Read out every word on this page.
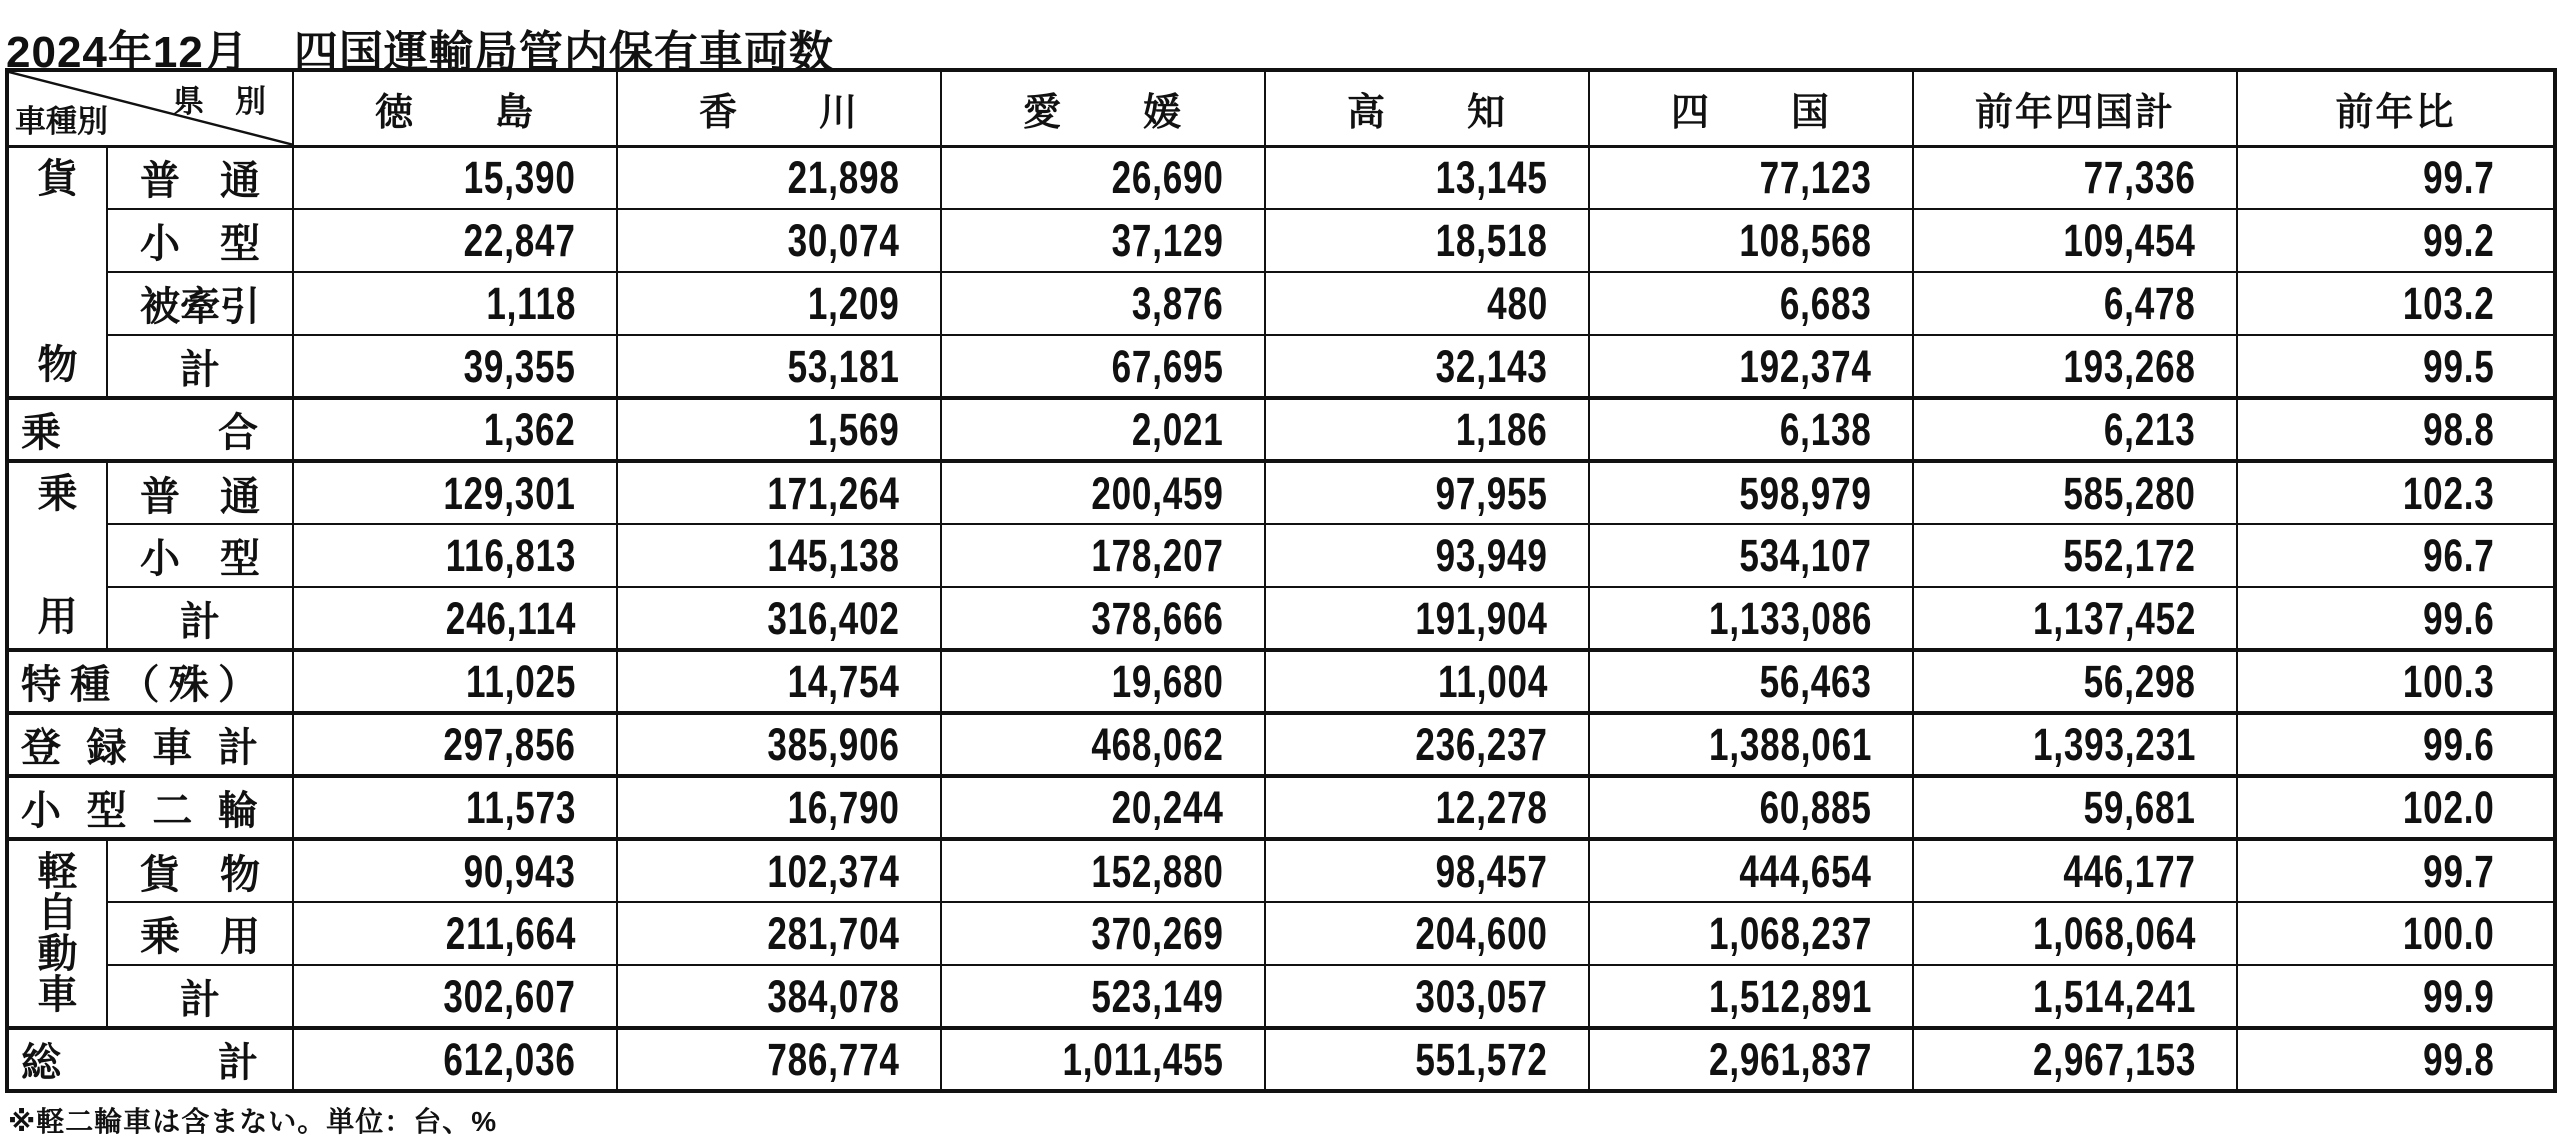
2024年12月　四国運輸局管内保有車両数
県　別
車種別		徳　　島	香　　川	愛　　媛	高　　知	四　　国	前年四国計	前年比

貨
物	普　通	15,390	21,898	26,690	13,145	77,123	77,336	99.7
	小　型	22,847	30,074	37,129	18,518	108,568	109,454	99.2
	被牽引	1,118	1,209	3,876	480	6,683	6,478	103.2
	計	39,355	53,181	67,695	32,143	192,374	193,268	99.5
乗合		1,362	1,569	2,021	1,186	6,138	6,213	98.8

乗
用	普　通	129,301	171,264	200,459	97,955	598,979	585,280	102.3
	小　型	116,813	145,138	178,207	93,949	534,107	552,172	96.7
	計	246,114	316,402	378,666	191,904	1,133,086	1,137,452	99.6
特種（殊）		11,025	14,754	19,680	11,004	56,463	56,298	100.3
登録車計		297,856	385,906	468,062	236,237	1,388,061	1,393,231	99.6
小型二輪		11,573	16,790	20,244	12,278	60,885	59,681	102.0

軽
自
動
車	貨　物	90,943	102,374	152,880	98,457	444,654	446,177	99.7
	乗　用	211,664	281,704	370,269	204,600	1,068,237	1,068,064	100.0
	計	302,607	384,078	523,149	303,057	1,512,891	1,514,241	99.9
総計		612,036	786,774	1,011,455	551,572	2,961,837	2,967,153	99.8
※軽二輪車は含まない。単位：台、%
